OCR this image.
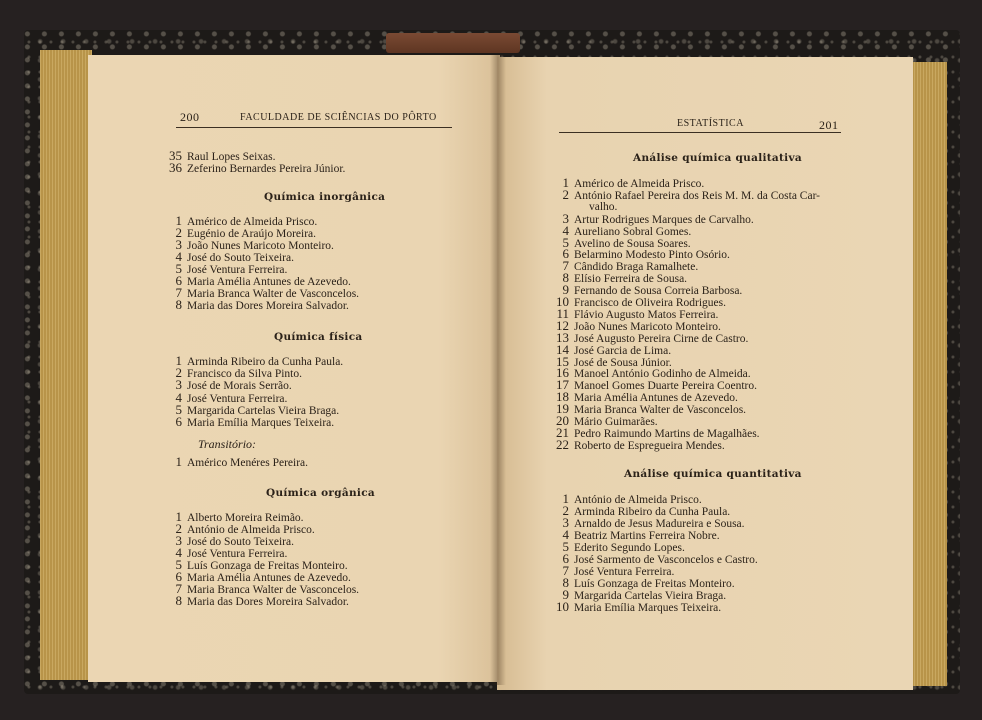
200	FACULDADE DE SCIÊNCIAS DO PÔRTO
35 Raul Lopes Seixas.
36 Zeferino Bernardes Pereira Júnior.
Química inorgânica
1 Américo de Almeida Prisco.
2 Eugénio de Araújo Moreira.
3 João Nunes Maricoto Monteiro.
4 José do Souto Teixeira.
5 José Ventura Ferreira.
6 Maria Amélia Antunes de Azevedo.
7 Maria Branca Walter de Vasconcelos.
8 Maria das Dores Moreira Salvador.
Química física
1 Arminda Ribeiro da Cunha Paula.
2 Francisco da Silva Pinto.
3 José de Morais Serrão.
4 José Ventura Ferreira.
5 Margarida Cartelas Vieira Braga.
6 Maria Emília Marques Teixeira.
Transitório:
1 Américo Menéres Pereira.
Química orgânica
1 Alberto Moreira Reimão.
2 António de Almeida Prisco.
3 José do Souto Teixeira.
4 José Ventura Ferreira.
5 Luís Gonzaga de Freitas Monteiro.
6 Maria Amélia Antunes de Azevedo.
7 Maria Branca Walter de Vasconcelos.
8 Maria das Dores Moreira Salvador.
ESTATÍSTICA	201
Análise química qualitativa
1 Américo de Almeida Prisco.
2 António Rafael Pereira dos Reis M. M. da Costa Car-
valho.
3 Artur Rodrigues Marques de Carvalho.
4 Aureliano Sobral Gomes.
5 Avelino de Sousa Soares.
6 Belarmino Modesto Pinto Osório.
7 Cândido Braga Ramalhete.
8 Elísio Ferreira de Sousa.
9 Fernando de Sousa Correia Barbosa.
10 Francisco de Oliveira Rodrigues.
11 Flávio Augusto Matos Ferreira.
12 João Nunes Maricoto Monteiro.
13 José Augusto Pereira Cirne de Castro.
14 José Garcia de Lima.
15 José de Sousa Júnior.
16 Manoel António Godinho de Almeida.
17 Manoel Gomes Duarte Pereira Coentro.
18 Maria Amélia Antunes de Azevedo.
19 Maria Branca Walter de Vasconcelos.
20 Mário Guimarães.
21 Pedro Raimundo Martins de Magalhães.
22 Roberto de Espregueira Mendes.
Análise química quantitativa
1 António de Almeida Prisco.
2 Arminda Ribeiro da Cunha Paula.
3 Arnaldo de Jesus Madureira e Sousa.
4 Beatriz Martins Ferreira Nobre.
5 Ederito Segundo Lopes.
6 José Sarmento de Vasconcelos e Castro.
7 José Ventura Ferreira.
8 Luís Gonzaga de Freitas Monteiro.
9 Margarida Cartelas Vieira Braga.
10 Maria Emília Marques Teixeira.
